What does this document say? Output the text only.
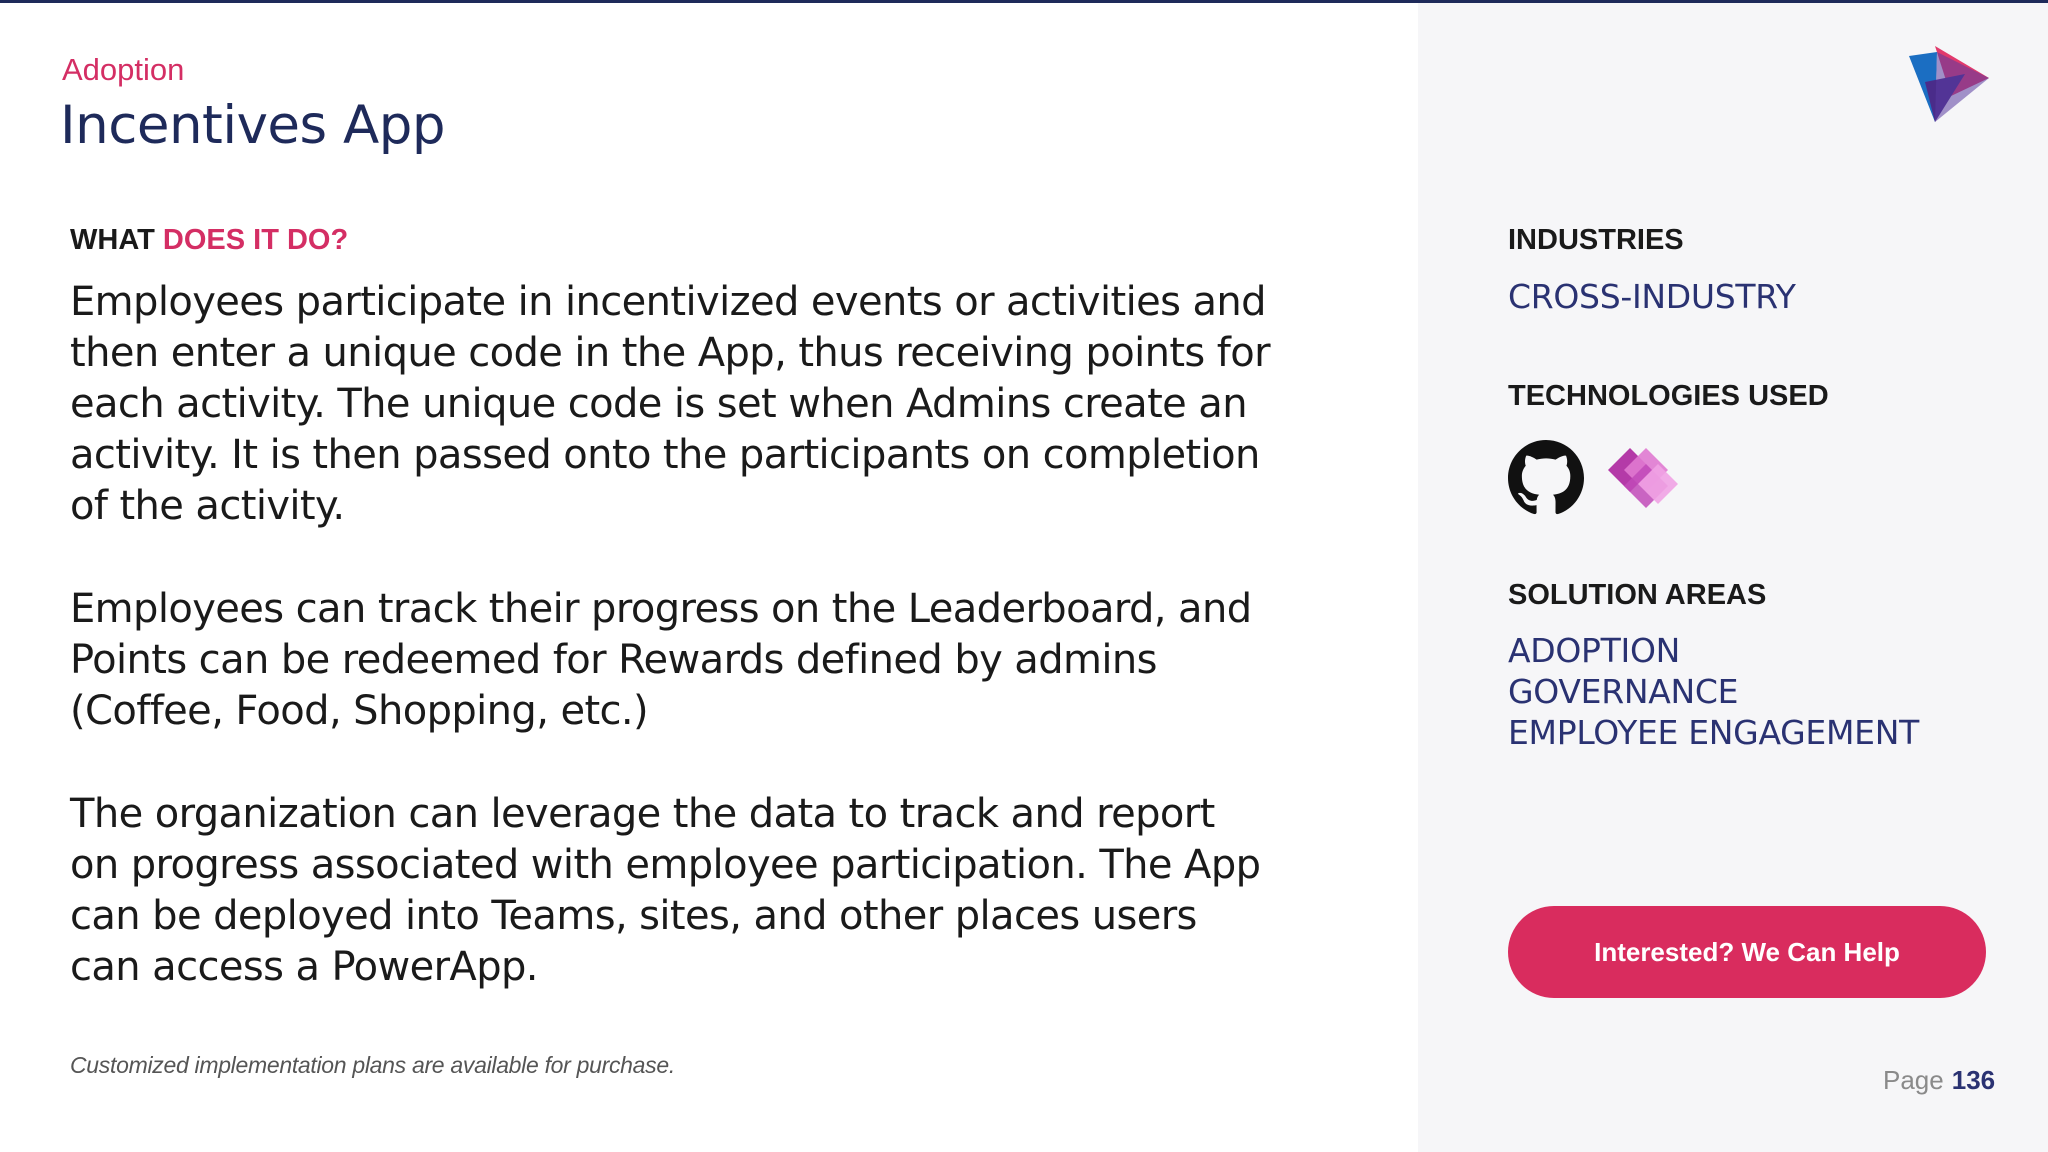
Adoption
Incentives App
WHAT DOES IT DO?

Employees participate in incentivized events or activities and then enter a unique code in the App, thus receiving points for each activity. The unique code is set when Admins create an activity. It is then passed onto the participants on completion of the activity.

Employees can track their progress on the Leaderboard, and Points can be redeemed for Rewards defined by admins (Coffee, Food, Shopping, etc.)

The organization can leverage the data to track and report on progress associated with employee participation. The App can be deployed into Teams, sites, and other places users can access a PowerApp.

Customized implementation plans are available for purchase.
INDUSTRIES
CROSS-INDUSTRY
TECHNOLOGIES USED
SOLUTION AREAS
ADOPTION
GOVERNANCE
EMPLOYEE ENGAGEMENT
Interested? We Can Help
Page 136
